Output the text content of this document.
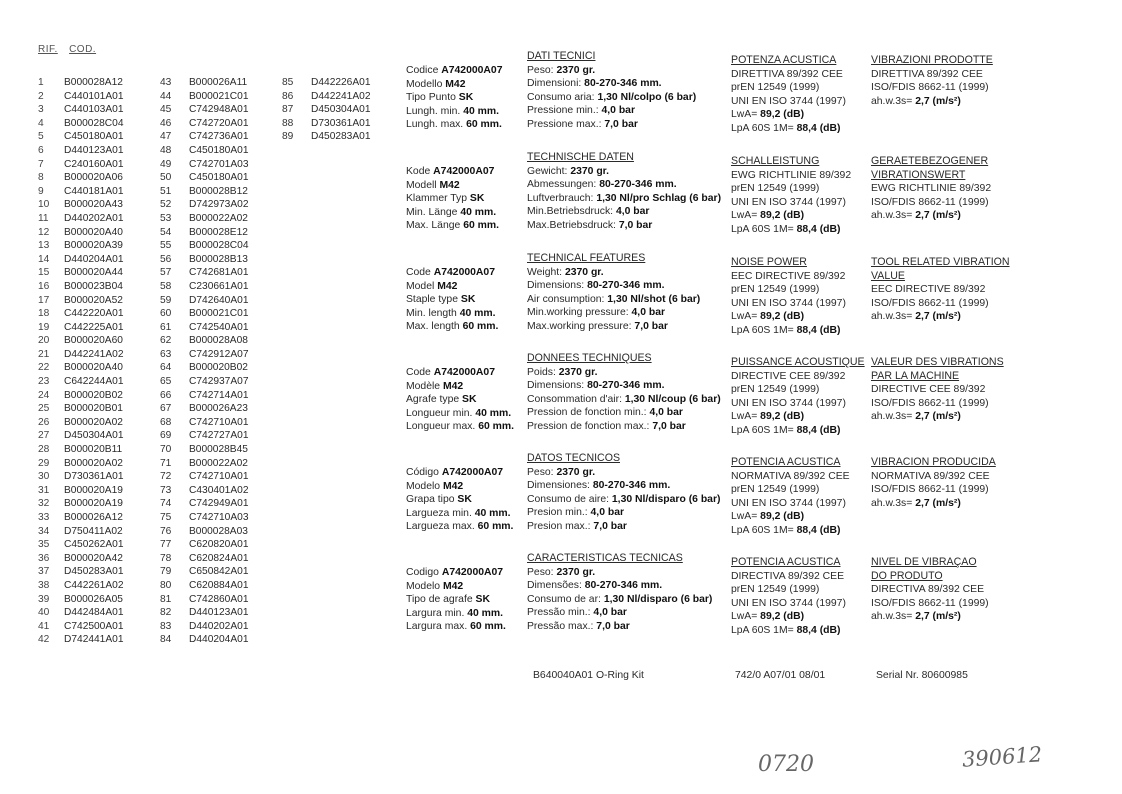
RIF. COD.
1 B000028A12
2 C440101A01
3 C440103A01
4 B000028C04
5 C450180A01
6 D440123A01
7 C240160A01
8 B000020A06
9 C440181A01
10 B000020A43
11 D440202A01
12 B000020A40
13 B000020A39
14 D440204A01
15 B000020A44
16 B000023B04
17 B000020A52
18 C442220A01
19 C442225A01
20 B000020A60
21 D442241A02
22 B000020A40
23 C642244A01
24 B000020B02
25 B000020B01
26 B000020A02
27 D450304A01
28 B000020B11
29 B000020A02
30 D730361A01
31 B000020A19
32 B000020A19
33 B000026A12
34 D750411A02
35 C450262A01
36 B000020A42
37 D450283A01
38 C442261A02
39 B000026A05
40 D442484A01
41 C742500A01
42 D742441A01
43 B000026A11
44 B000021C01
45 C742948A01
46 C742720A01
47 C742736A01
48 C450180A01
49 C742701A03
50 C450180A01
51 B000028B12
52 D742973A02
53 B000022A02
54 B000028E12
55 B000028C04
56 B000028B13
57 C742681A01
58 C230661A01
59 D742640A01
60 B000021C01
61 C742540A01
62 B000028A08
63 C742912A07
64 B000020B02
65 C742937A07
66 C742714A01
67 B000026A23
68 C742710A01
69 C742727A01
70 B000028B45
71 B000022A02
72 C742710A01
73 C430401A02
74 C742949A01
75 C742710A03
76 B000028A03
77 C620820A01
78 C620824A01
79 C650842A01
80 C620884A01
81 C742860A01
82 D440123A01
83 D440202A01
84 D440204A01
85 D442226A01
86 D442241A02
87 D450304A01
88 D730361A01
89 D450283A01
Codice A742000A07
Modello M42
Tipo Punto SK
Lungh. min. 40 mm.
Lungh. max. 60 mm.
DATI TECNICI
Peso: 2370 gr.
Dimensioni: 80-270-346 mm.
Consumo aria: 1,30 Nl/colpo (6 bar)
Pressione min.: 4,0 bar
Pressione max.: 7,0 bar
POTENZA ACUSTICA
DIRETTIVA 89/392 CEE
prEN 12549 (1999)
UNI EN ISO 3744 (1997)
LwA= 89,2 (dB)
LpA 60S 1M= 88,4 (dB)
VIBRAZIONI PRODOTTE
DIRETTIVA 89/392 CEE
ISO/FDIS 8662-11 (1999)
ah.w.3s= 2,7 (m/s²)
Kode A742000A07
Modell M42
Klammer Typ SK
Min. Länge 40 mm.
Max. Länge 60 mm.
TECHNISCHE DATEN
Gewicht: 2370 gr.
Abmessungen: 80-270-346 mm.
Luftverbrauch: 1,30 Nl/pro Schlag (6 bar)
Min.Betriebsdruck: 4,0 bar
Max.Betriebsdruck: 7,0 bar
SCHALLEISTUNG
EWG RICHTLINIE 89/392
prEN 12549 (1999)
UNI EN ISO 3744 (1997)
LwA= 89,2 (dB)
LpA 60S 1M= 88,4 (dB)
GERAETEBEZOGENER
VIBRATIONSWERT
EWG RICHTLINIE 89/392
ISO/FDIS 8662-11 (1999)
ah.w.3s= 2,7 (m/s²)
Code A742000A07
Model M42
Staple type SK
Min. length 40 mm.
Max. length 60 mm.
TECHNICAL FEATURES
Weight: 2370 gr.
Dimensions: 80-270-346 mm.
Air consumption: 1,30 Nl/shot (6 bar)
Min.working pressure: 4,0 bar
Max.working pressure: 7,0 bar
NOISE POWER
EEC DIRECTIVE 89/392
prEN 12549 (1999)
UNI EN ISO 3744 (1997)
LwA= 89,2 (dB)
LpA 60S 1M= 88,4 (dB)
TOOL RELATED VIBRATION
VALUE
EEC DIRECTIVE 89/392
ISO/FDIS 8662-11 (1999)
ah.w.3s= 2,7 (m/s²)
Code A742000A07
Modèle M42
Agrafe type SK
Longueur min. 40 mm.
Longueur max. 60 mm.
DONNEES TECHNIQUES
Poids: 2370 gr.
Dimensions: 80-270-346 mm.
Consommation d'air: 1,30 Nl/coup (6 bar)
Pression de fonction min.: 4,0 bar
Pression de fonction max.: 7,0 bar
PUISSANCE ACOUSTIQUE
DIRECTIVE CEE 89/392
prEN 12549 (1999)
UNI EN ISO 3744 (1997)
LwA= 89,2 (dB)
LpA 60S 1M= 88,4 (dB)
VALEUR DES VIBRATIONS
PAR LA MACHINE
DIRECTIVE CEE 89/392
ISO/FDIS 8662-11 (1999)
ah.w.3s= 2,7 (m/s²)
Código A742000A07
Modelo M42
Grapa tipo SK
Largueza min. 40 mm.
Largueza max. 60 mm.
DATOS TECNICOS
Peso: 2370 gr.
Dimensiones: 80-270-346 mm.
Consumo de aire: 1,30 Nl/disparo (6 bar)
Presion min.: 4,0 bar
Presion max.: 7,0 bar
POTENCIA ACUSTICA
NORMATIVA 89/392 CEE
prEN 12549 (1999)
UNI EN ISO 3744 (1997)
LwA= 89,2 (dB)
LpA 60S 1M= 88,4 (dB)
VIBRACION PRODUCIDA
NORMATIVA 89/392 CEE
ISO/FDIS 8662-11 (1999)
ah.w.3s= 2,7 (m/s²)
Codigo A742000A07
Modelo M42
Tipo de agrafe SK
Largura min. 40 mm.
Largura max. 60 mm.
CARACTERISTICAS TECNICAS
Peso: 2370 gr.
Dimensões: 80-270-346 mm.
Consumo de ar: 1,30 Nl/disparo (6 bar)
Pressão min.: 4,0 bar
Pressão max.: 7,0 bar
POTENCIA ACUSTICA
DIRECTIVA 89/392 CEE
prEN 12549 (1999)
UNI EN ISO 3744 (1997)
LwA= 89,2 (dB)
LpA 60S 1M= 88,4 (dB)
NIVEL DE VIBRAÇAO
DO PRODUTO
DIRECTIVA 89/392 CEE
ISO/FDIS 8662-11 (1999)
ah.w.3s= 2,7 (m/s²)
B640040A01 O-Ring Kit	742/0 A07/01 08/01	Serial Nr. 80600985
0720	390612
